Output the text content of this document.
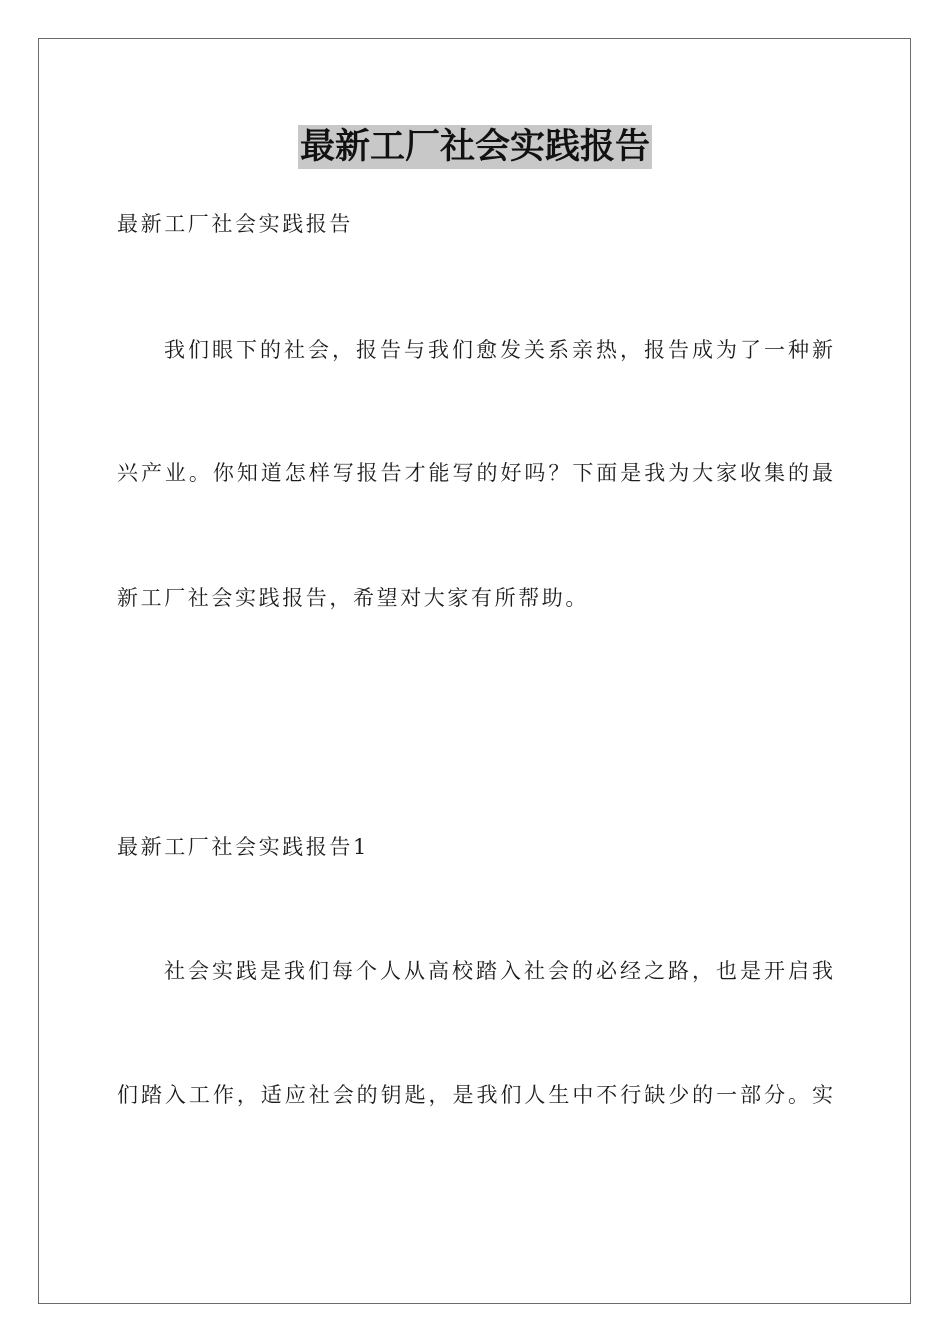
最新工厂社会实践报告
最新工厂社会实践报告
我们眼下的社会，报告与我们愈发关系亲热，报告成为了一种新
兴产业。你知道怎样写报告才能写的好吗？下面是我为大家收集的最
新工厂社会实践报告，希望对大家有所帮助。
最新工厂社会实践报告1
社会实践是我们每个人从高校踏入社会的必经之路，也是开启我
们踏入工作，适应社会的钥匙，是我们人生中不行缺少的一部分。实
